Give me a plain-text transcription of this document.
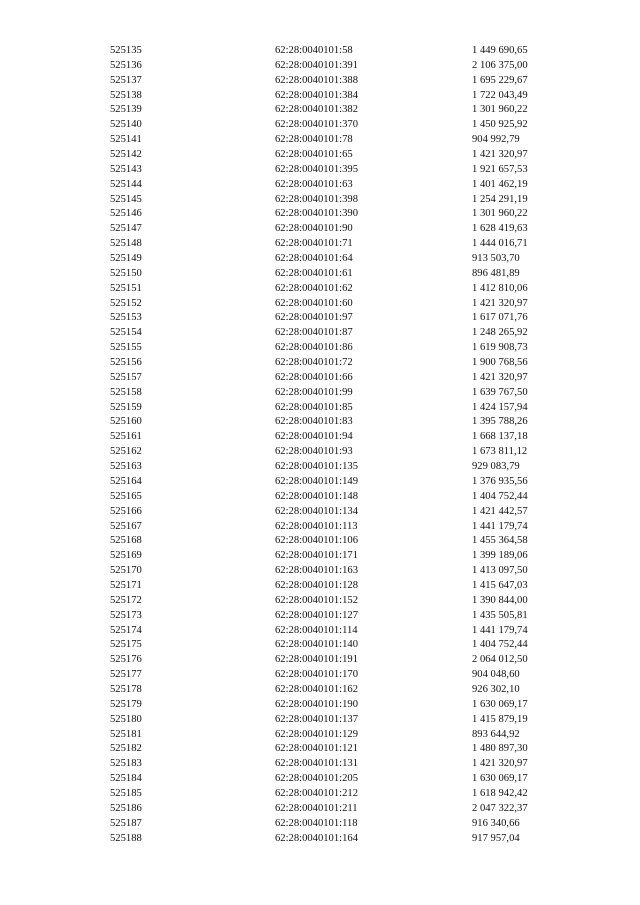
525135	62:28:0040101:58	1 449 690,65
525136	62:28:0040101:391	2 106 375,00
525137	62:28:0040101:388	1 695 229,67
525138	62:28:0040101:384	1 722 043,49
525139	62:28:0040101:382	1 301 960,22
525140	62:28:0040101:370	1 450 925,92
525141	62:28:0040101:78	904 992,79
525142	62:28:0040101:65	1 421 320,97
525143	62:28:0040101:395	1 921 657,53
525144	62:28:0040101:63	1 401 462,19
525145	62:28:0040101:398	1 254 291,19
525146	62:28:0040101:390	1 301 960,22
525147	62:28:0040101:90	1 628 419,63
525148	62:28:0040101:71	1 444 016,71
525149	62:28:0040101:64	913 503,70
525150	62:28:0040101:61	896 481,89
525151	62:28:0040101:62	1 412 810,06
525152	62:28:0040101:60	1 421 320,97
525153	62:28:0040101:97	1 617 071,76
525154	62:28:0040101:87	1 248 265,92
525155	62:28:0040101:86	1 619 908,73
525156	62:28:0040101:72	1 900 768,56
525157	62:28:0040101:66	1 421 320,97
525158	62:28:0040101:99	1 639 767,50
525159	62:28:0040101:85	1 424 157,94
525160	62:28:0040101:83	1 395 788,26
525161	62:28:0040101:94	1 668 137,18
525162	62:28:0040101:93	1 673 811,12
525163	62:28:0040101:135	929 083,79
525164	62:28:0040101:149	1 376 935,56
525165	62:28:0040101:148	1 404 752,44
525166	62:28:0040101:134	1 421 442,57
525167	62:28:0040101:113	1 441 179,74
525168	62:28:0040101:106	1 455 364,58
525169	62:28:0040101:171	1 399 189,06
525170	62:28:0040101:163	1 413 097,50
525171	62:28:0040101:128	1 415 647,03
525172	62:28:0040101:152	1 390 844,00
525173	62:28:0040101:127	1 435 505,81
525174	62:28:0040101:114	1 441 179,74
525175	62:28:0040101:140	1 404 752,44
525176	62:28:0040101:191	2 064 012,50
525177	62:28:0040101:170	904 048,60
525178	62:28:0040101:162	926 302,10
525179	62:28:0040101:190	1 630 069,17
525180	62:28:0040101:137	1 415 879,19
525181	62:28:0040101:129	893 644,92
525182	62:28:0040101:121	1 480 897,30
525183	62:28:0040101:131	1 421 320,97
525184	62:28:0040101:205	1 630 069,17
525185	62:28:0040101:212	1 618 942,42
525186	62:28:0040101:211	2 047 322,37
525187	62:28:0040101:118	916 340,66
525188	62:28:0040101:164	917 957,04
